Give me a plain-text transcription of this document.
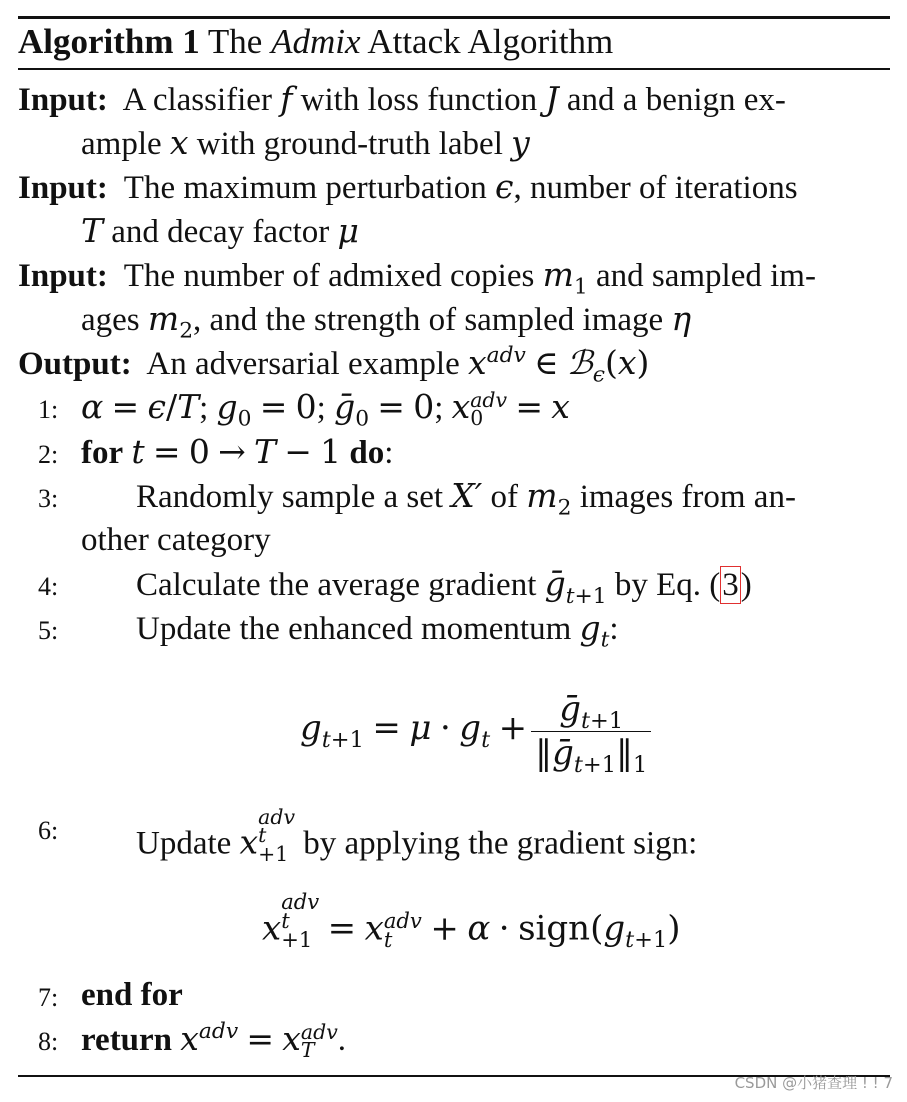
Algorithm 1 The Admix Attack Algorithm
Input: A classifier f with loss function J and a benign ex-
ample x with ground-truth label y
Input: The maximum perturbation ϵ, number of iterations
T and decay factor μ
Input: The number of admixed copies $m_1$ and sampled im-
ages $m_2$, and the strength of sampled image η
Output: An adversarial example $x^{adv}$ ∈ ℬ$_\epsilon$(x)
1: α = ϵ/T; $g_0 = 0$; ḡ$_0$ = 0; x adv
0 = x
2: for t = 0 → T − 1 do:
3: Randomly sample a set X′ of $m_2$ images from an-
other category
4: Calculate the average gradient ḡ$_{t+1}$ by Eq. (3)
5: Update the enhanced momentum $g_t$:
$g_{t+1} = \mu \cdot g_t + \frac{ḡ_{t+1}}{‖ḡ_{t+1}‖_1}$
6: Update x
adv
t
+1 by applying the gradient sign:
x
adv
t
+1 = x adv
t	+ $\alpha \cdot sign(g_{t+1})$
7: end for
8: return $x^{adv} = x$ adv
T .
CSDN @小猪查理 ! ! 7
